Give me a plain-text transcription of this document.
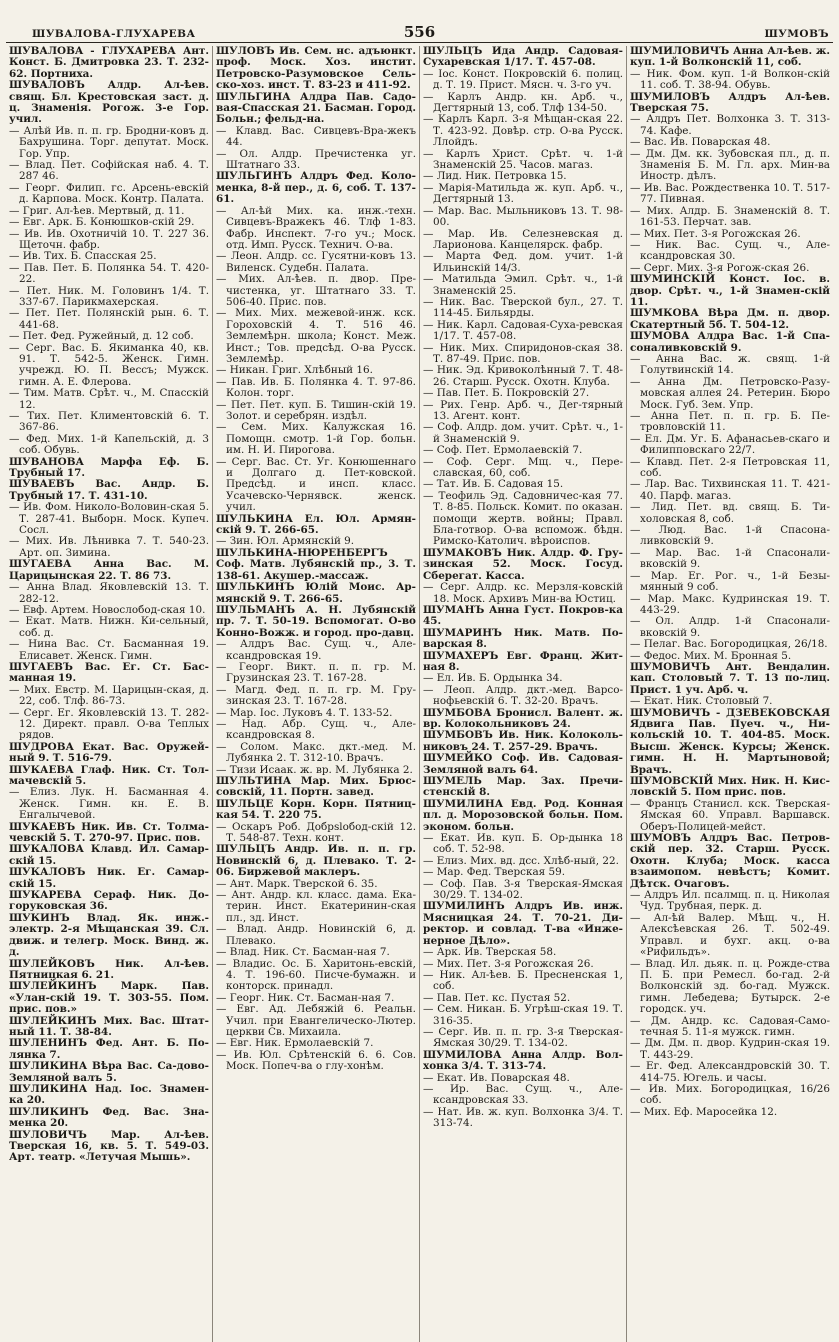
ШУВАЛОВА-ГЛУХАРЕВА	556	ШУМОВЪ

ШУВАЛОВА - ГЛУХАРЕВА Ант. Конст. Б. Дмитровка 23. Т. 232-62. Портниха.

ШУВАЛОВЪ Алдр. Ал-ѣев. свящ. Бл. Крестовская заст. д. ц. Знаменія. Рогож. 3-е Гор. учил.

— Алѣй Ив. п. п. гр. Бродни-ковъ д. Бахрушина. Торг. депутат. Моск. Гор. Упр.

— Влад. Пет. Софійская наб. 4. Т. 287 46.

— Георг. Филип. гс. Арсень-евскій д. Карпова. Моск. Контр. Палата.

— Григ. Ал-ѣев. Мертвый, д. 11.

— Евг. Арк. Б. Конюшков-скій 29.

— Ив. Ив. Охотничій 10. Т. 227 36. Щеточн. фабр.

— Ив. Тих. Б. Спасская 25.

— Пав. Пет. Б. Полянка 54. Т. 420-22.

— Пет. Ник. М. Головинъ 1/4. Т. 337-67. Парикмахерская.

— Пет. Пет. Полянскій рын. 6. Т. 441-68.

— Пет. Фед. Ружейный, д. 12 соб.

— Серг. Вас. Б. Якиманка 40, кв. 91. Т. 542-5. Женск. Гимн. учрежд. Ю. П. Вессъ; Мужск. гимн. А. Е. Флерова.

— Тим. Матв. Срѣт. ч., М. Спасскій 12.

— Тих. Пет. Климентовскій 6. Т. 367-86.

— Фед. Мих. 1-й Капельскій, д. 3 соб. Обувь.

ШУВАНОВА Марфа Еф. Б. Трубный 17.

ШУВАЕВЪ Вас. Андр. Б. Трубный 17. Т. 431-10.

— Ив. Фом. Николо-Воловин-ская 5. Т. 287-41. Выборн. Моск. Купеч. Сосл.

— Мих. Ив. Лѣнивка 7. Т. 540-23. Арт. оп. Зимина.

ШУГАЕВА Анна Вас. М. Царицынская 22. Т. 86 73.

— Анна Влад. Яковлевскій 13. Т. 282-12.

— Евф. Артем. Новослобод-ская 10.

— Екат. Матв. Нижн. Ки-сельный, соб. д.

— Нина Вас. Ст. Басманная 19. Елисавет. Женск. Гимн.

ШУГАЕВЪ Вас. Ег. Ст. Бас-манная 19.

— Мих. Евстр. М. Царицын-ская, д. 22, соб. Тлф. 86-73.

— Серг. Ег. Яковлевскій 13. Т. 282-12. Директ. правл. О-ва Теплых рядов.

ШУДРОВА Екат. Вас. Оружей-ный 9. Т. 516-79.

ШУКАЕВА Глаф. Ник. Ст. Тол-мачевскій 5.

— Елиз. Лук. Н. Басманная 4. Женск. Гимн. кн. Е. В. Енгалычевой.

ШУКАЕВЪ Ник. Ив. Ст. Толма-чевскій 5. Т. 270-97. Прис. пов.

ШУКАЛОВА Клавд. Ил. Самар-скій 15.

ШУКАЛОВЪ Ник. Ег. Самар-скій 15.

ШУКАРЕВА Сераф. Ник. До-горуковская 36.

ШУКИНЪ Влад. Як. инж.-электр. 2-я Мѣщанская 39. Сл. движ. и телегр. Моск. Винд. ж. д.

ШУЛЕЙКОВЪ Ник. Ал-ѣев. Пятницкая 6. 21.

ШУЛЕЙКИНЪ Марк. Пав. «Улан-скій 19. Т. 303-55. Пом. прис. пов.»

ШУЛЕЙКИНЪ Мих. Вас. Штат-ный 11. Т. 38-84.

ШУЛЕНИНЪ Фед. Ант. Б. По-лянка 7.

ШУЛИКИНА Вѣра Вас. Са-дово-Земляной валъ 5.

ШУЛИКИНА Над. Іос. Знамен-ка 20.

ШУЛИКИНЪ Фед. Вас. Зна-менка 20.

ШУЛОВИЧЪ Мар. Ал-ѣев. Тверская 16, кв. 5. Т. 549-03. Арт. театр. «Летучая Мышь».

ШУЛОВЪ Ив. Сем. нс. адъюнкт. проф. Моск. Хоз. инстит. Петровско-Разумовское Сель-ско-хоз. инст. Т. 83-23 и 411-92.

ШУЛЬГИНА Алдра Пав. Садо-вая-Спасская 21. Басман. Город. Больн.; фельд-на.

— Клавд. Вас. Сивцевъ-Вра-жекъ 44.

— Ол. Алдр. Пречистенка уг. Штатнаго 33.

ШУЛЬГИНЪ Алдръ Фед. Коло-менка, 8-й пер., д. 6, соб. Т. 137-61.

— Ал-ѣй Мих. ка. инж.-техн. Сивцевъ-Вражекъ 46. Тлф 1-83. Фабр. Инспект. 7-го уч.; Моск. отд. Имп. Русск. Технич. О-ва.

— Леон. Алдр. сс. Гусятни-ковъ 13. Виленск. Судебн. Палата.

— Мих. Ал-ѣев. п. двор. Пре-чистенка, уг. Штатнаго 33. Т. 506-40. Прис. пов.

— Мих. Мих. межевой-инж. кск. Гороховскій 4. Т. 516 46. Землемѣрн. школа; Конст. Меж. Инст.; Тов. предсѣд. О-ва Русск. Землемѣр.

— Никан. Григ. Хлѣбный 16.

— Пав. Ив. Б. Полянка 4. Т. 97-86. Колон. торг.

— Пет. Пет. куп. Б. Тишин-скій 19. Золот. и серебрян. издѣл.

— Сем. Мих. Калужская 16. Помощн. смотр. 1-й Гор. больн. им. Н. И. Пирогова.

— Серг. Вас. Ст. Уг. Конюшеннаго и Долгаго д. Пет-ковской. Предсѣд. и инсп. класс. Усачевско-Чернявск. женск. учил.

ШУЛЬКИНА Ел. Юл. Армян-скій 9. Т. 266-65.

— Зин. Юл. Армянскій 9.

ШУЛЬКИНА-НЮРЕНБЕРГЪ Соф. Матв. Лубянскій пр., 3. Т. 138-61. Акушер.-массаж.

ШУЛЬКИНЪ Юлій Моис. Ар-мянскій 9. Т. 266-65.

ШУЛЬМАНЪ А. Н. Лубянскій пр. 7. Т. 50-19. Вспомогат. О-во Конно-Вожж. и город. про-давц.

— Алдръ Вас. Сущ. ч., Але-ксандровская 19.

— Георг. Викт. п. п. гр. М. Грузинская 23. Т. 167-28.

— Магд. Фед. п. п. гр. М. Гру-зинская 23. Т. 167-28.

— Мар. Іос. Луковъ 4. Т. 133-52.

— Над. Абр. Сущ. ч., Але-ксандровская 8.

— Солом. Макс. дкт.-мед. М. Лубянка 2. Т. 312-10. Врачъ.

— Тизи Исаак. ж. вр. М. Лубянка 2.

ШУЛЬТИНА Мар. Мих. Брюс-совскій, 11. Портн. завед.

ШУЛЬЦЕ Корн. Корн. Пятниц-кая 54. Т. 220 75.

— Оскаръ Роб. Добрslобод-скій 12. Т. 548-87. Техн. конт.

ШУЛЬЦЪ Андр. Ив. п. п. гр. Новинскій 6, д. Плевако. Т. 2-06. Биржевой маклеръ.

— Ант. Марк. Тверской 6. 35.

— Ант. Андр. кл. класс. дама. Ека-терин. Инст. Екатеринин-ская пл., зд. Инст.

— Влад. Андр. Новинскій 6, д. Плевако.

— Влад. Ник. Ст. Басман-ная 7.

— Владис. Ос. Б. Харитонь-евскій, 4. Т. 196-60. Писче-бумажн. и конторск. принадл.

— Георг. Ник. Ст. Басман-ная 7.

— Евг. Ад. Лебяжій 6. Реальн. Учил. при Евангелическо-Лютер. церкви Св. Михаила.

— Евг. Ник. Ермолаевскій 7.

— Ив. Юл. Срѣтенскій 6. 6. Сов. Моск. Попеч-ва о глу-хонѣм.

ШУЛЬЦЪ Ида Андр. Садовая-Сухаревская 1/17. Т. 457-08.

— Іос. Конст. Покровскій 6. полиц. д. Т. 19. Прист. Мясн. ч. 3-го уч.

— Карлъ Андр. кн. Арб. ч., Дегтярный 13, соб. Тлф 134-50.

— Карлъ Карл. 3-я Мѣщан-ская 22. Т. 423-92. Довѣр. стр. О-ва Русск. Ллойдъ.

— Карлъ Христ. Срѣт. ч. 1-й Знаменскій 25. Часов. магаз.

— Лид. Ник. Петровка 15.

— Марія-Матильда ж. куп. Арб. ч., Дегтярный 13.

— Мар. Вас. Мыльниковъ 13. Т. 98-00.

— Мар. Ив. Селезневская д. Ларионова. Канцелярск. фабр.

— Марта Фед. дом. учит. 1-й Ильинскій 14/3.

— Матильда Эмил. Срѣт. ч., 1-й Знаменскій 25.

— Ник. Вас. Тверской бул., 27. Т. 114-45. Бильярды.

— Ник. Карл. Садовая-Суха-ревская 1/17. Т. 457-08.

— Ник. Мих. Спиридонов-ская 38. Т. 87-49. Прис. пов.

— Ник. Эд. Кривоколѣнный 7. Т. 48-26. Старш. Русск. Охотн. Клуба.

— Пав. Пет. Б. Покровскій 27.

— Рих. Генр. Арб. ч., Дег-тярный 13. Агент. конт.

— Соф. Алдр. дом. учит. Срѣт. ч., 1-й Знаменскій 9.

— Соф. Пет. Ермолаевскій 7.

— Соф. Серг. Мщ. ч., Пере-славская, 60, соб.

— Тат. Ив. Б. Садовая 15.

— Теофиль Эд. Садовничес-кая 77. Т. 8-85. Польск. Комит. по оказан. помощи жертв. войны; Правл. Бла-готвор. О-ва вспомож. бѣдн. Римско-Католич. вѣроиспов.

ШУМАКОВЪ Ник. Алдр. Ф. Гру-зинская 52. Моск. Госуд. Сберегат. Касса.

— Серг. Алдр. кс. Мерзля-ковскій 18. Моск. Архивъ Мин-ва Юстиц.

ШУМАНЪ Анна Густ. Покров-ка 45.

ШУМАРИНЪ Ник. Матв. По-варская 8.

ШУМАХЕРЪ Евг. Франц. Жит-ная 8.

— Ел. Ив. Б. Ордынка 34.

— Леоп. Алдр. дкт.-мед. Варсо-нофьевскій 6. Т. 32-20. Врачъ.

ШУМБОВА Бронисл. Валент. ж. вр. Колокольниковъ 24.

ШУМБОВЪ Ив. Ник. Колоколь-никовъ 24. Т. 257-29. Врачъ.

ШУМЕЙКО Соф. Ив. Садовая-Земляной валъ 64.

ШУМЕЛЬ Мар. Зах. Пречи-стенскій 8.

ШУМИЛИНА Евд. Род. Конная пл. д. Морозовской больн. Пом. эконом. больн.

— Екат. Ив. куп. Б. Ор-дынка 18 соб. Т. 52-98.

— Елиз. Мих. вд. дсс. Хлѣб-ный, 22.

— Мар. Фед. Тверская 59.

— Соф. Пав. 3-я Тверская-Ямская 30/29. Т. 134-02.

ШУМИЛИНЪ Алдръ Ив. инж. Мясницкая 24. Т. 70-21. Ди-ректор. и совлад. Т-ва «Инже-нерное Дѣло».

— Арк. Ив. Тверская 58.

— Мих. Пет. 3-я Рогожская 26.

— Ник. Ал-ѣев. Б. Пресненская 1, соб.

— Пав. Пет. кс. Пустая 52.

— Сем. Никан. Б. Угрѣш-ская 19. Т. 316-35.

— Серг. Ив. п. п. гр. 3-я Тверская-Ямская 30/29. Т. 134-02.

ШУМИЛОВА Анна Алдр. Вол-хонка 3/4. Т. 313-74.

— Екат. Ив. Поварская 48.

— Ир. Вас. Сущ. ч., Але-ксандровская 33.

— Нат. Ив. ж. куп. Волхонка 3/4. Т. 313-74.

ШУМИЛОВИЧЪ Анна Ал-ѣев. ж. куп. 1-й Волконскій 11, соб.

— Ник. Фом. куп. 1-й Волкон-скій 11. соб. Т. 38-94. Обувь.

ШУМИЛОВЪ Алдръ Ал-ѣев. Тверская 75.

— Алдръ Пет. Волхонка 3. Т. 313-74. Кафе.

— Вас. Ив. Поварская 48.

— Дм. Дм. кк. Зубовская пл., д. п. Знаменія Б. М. Гл. арх. Мин-ва Иностр. дѣлъ.

— Ив. Вас. Рождественка 10. Т. 517-77. Пивная.

— Мих. Алдр. Б. Знаменскій 8. Т. 161-53. Перчат. зав.

— Мих. Пет. 3-я Рогожская 26.

— Ник. Вас. Сущ. ч., Але-ксандровская 30.

— Серг. Мих. 3-я Рогож-ская 26.

ШУМИНСКІЙ Конст. Іос. в. двор. Срѣт. ч., 1-й Знамен-скій 11.

ШУМКОВА Вѣра Дм. п. двор. Скатертный 5б. Т. 504-12.

ШУМОВА Алдра Вас. 1-й Спа-соналивковскій 9.

— Анна Вас. ж. свящ. 1-й Голутвинскій 14.

— Анна Дм. Петровско-Разу-мовская аллея 24. Ретерин. Бюро Моск. Губ. Зем. Упр.

— Анна Пет. п. п. гр. Б. Пе-тровловскій 11.

— Ел. Дм. Уг. Б. Афанасьев-скаго и Филипповскаго 22/7.

— Клавд. Пет. 2-я Петровская 11, соб.

— Лар. Вас. Тихвинская 11. Т. 421-40. Парф. магаз.

— Лид. Пет. вд. свящ. Б. Ти-холовская 8, соб.

— Люд. Вас. 1-й Спасона-ливковскій 9.

— Мар. Вас. 1-й Спасонали-вковскій 9.

— Мар. Ег. Рог. ч., 1-й Безы-мянный 9 соб.

— Мар. Макс. Кудринская 19. Т. 443-29.

— Ол. Алдр. 1-й Спасонали-вковскій 9.

— Пелаг. Вас. Богородицкая, 26/18.

— Федос. Мих. М. Бронная 5.

ШУМОВИЧЪ Ант. Вендалин. кап. Столовый 7. Т. 13 по-лиц. Прист. 1 уч. Арб. ч.

— Екат. Ник. Столовый 7.

ШУМОВИЧЪ - ДЗЕВЕКОВСКАЯ Ядвига Пав. Пуеч. ч., Ни-кольскій 10. Т. 404-85. Моск. Высш. Женск. Курсы; Женск. гимн. Н. Н. Мартыновой; Врачъ.

ШУМОВСКІЙ Мих. Ник. Н. Кис-ловскій 5. Пом прис. пов.

— Францъ Станисл. кск. Тверская-Ямская 60. Управл. Варшавск. Оберъ-Полицей-мейст.

ШУМОВЪ Алдръ Вас. Петров-скій пер. 32. Старш. Русск. Охотн. Клуба; Моск. касса взаимопом. невѣстъ; Комит. Дѣтск. Очаговъ.

— Алдръ Ил. псалмщ. п. ц. Николая Чуд. Трубная, перк. д.

— Ал-ѣй Валер. Мѣщ. ч., Н. Алексѣевская 26. Т. 502-49. Управл. и бухг. акц. о-ва «Рифильдъ».

— Влад. Ил. дьяк. п. ц. Рожде-ства П. Б. при Ремесл. бо-гад. 2-й Волконскій зд. бо-гад. Мужск. гимн. Лебедева; Бутырск. 2-е городск. уч.

— Дм. Андр. кс. Садовая-Само-течная 5. 11-я мужск. гимн.

— Дм. Дм. п. двор. Кудрин-ская 19. Т. 443-29.

— Ег. Фед. Александровскій 30. Т. 414-75. Югель. и часы.

— Ив. Мих. Богородицкая, 16/26 соб.

— Мих. Еф. Маросейка 12.
